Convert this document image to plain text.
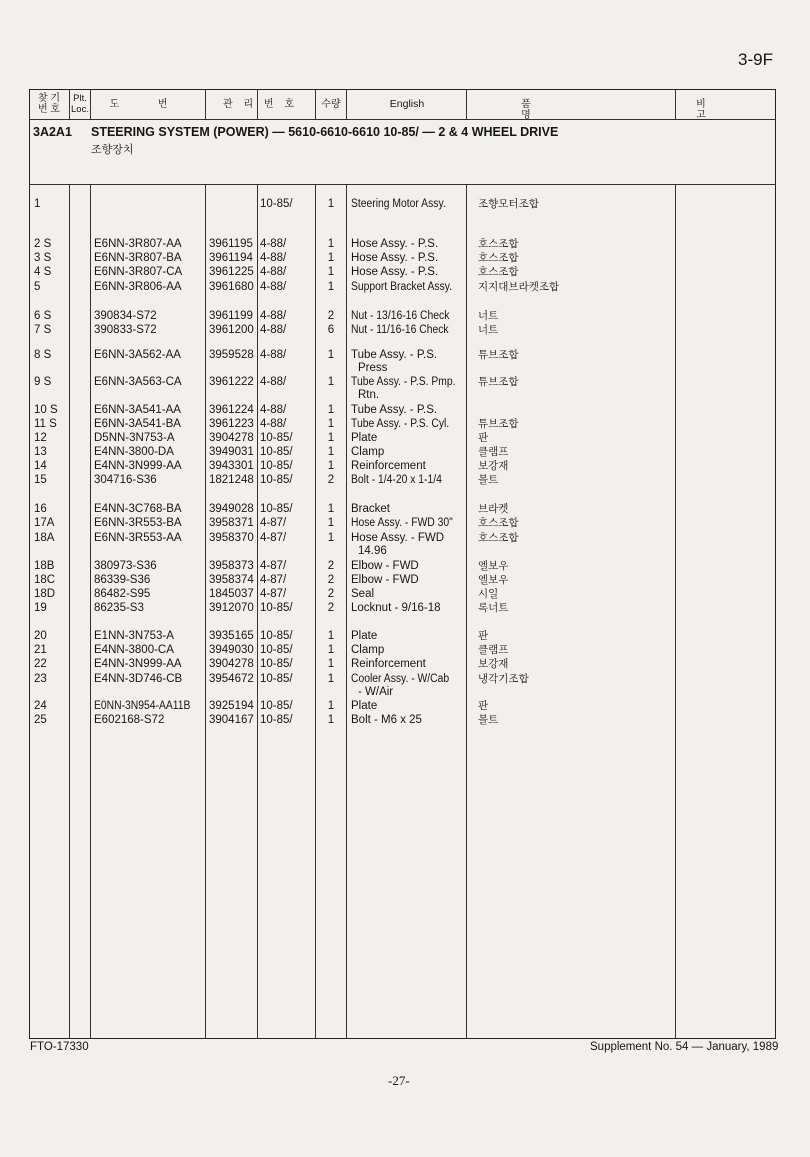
3-9F
찾 기
번 호
Plt.
Loc.	도 번	관 리 번 호	수량	English	품 명
비 고
3A2A1 STEERING SYSTEM (POWER) — 5610-6610-6610 10-85/ — 2 & 4 WHEEL DRIVE
조향장치
1	10-85/	1	Steering Motor Assy.	조향모터조합
2 S	E6NN-3R807-AA 3961195 4-88/	1	Hose Assy. - P.S.	호스조합
3 S	E6NN-3R807-BA 3961194 4-88/	1	Hose Assy. - P.S.	호스조합
4 S	E6NN-3R807-CA 3961225 4-88/	1	Hose Assy. - P.S.	호스조합
5	E6NN-3R806-AA 3961680 4-88/	1	Support Bracket Assy. 지지대브라켓조합
6 S	390834-S72	3961199 4-88/	2	Nut - 13/16-16 Check	너트
7 S	390833-S72	3961200 4-88/	6	Nut - 11/16-16 Check	너트
8 S	E6NN-3A562-AA 3959528 4-88/	1	Tube Assy. - P.S.
Press
튜브조합
9 S	E6NN-3A563-CA 3961222 4-88/	1	Tube Assy. - P.S. Pmp.
Rtn.
튜브조합
10 S	E6NN-3A541-AA 3961224 4-88/	1	Tube Assy. - P.S.
11 S	E6NN-3A541-BA 3961223 4-88/	1	Tube Assy. - P.S. Cyl.	튜브조합
12	D5NN-3N753-A	3904278 10-85/	1	Plate	판
13	E4NN-3800-DA	3949031 10-85/	1	Clamp	클램프
14	E4NN-3N999-AA 3943301 10-85/	1	Reinforcement	보강재
15	304716-S36	1821248 10-85/	2	Bolt - 1/4-20 x 1-1/4	볼트
16	E4NN-3C768-BA 3949028 10-85/	1	Bracket	브라켓
17A	E6NN-3R553-BA 3958371 4-87/	1	Hose Assy. - FWD 30" 호스조합
18A	E6NN-3R553-AA 3958370 4-87/	1	Hose Assy. - FWD
14.96
호스조합
18B	380973-S36	3958373 4-87/	2	Elbow - FWD	엘보우
18C	86339-S36	3958374 4-87/	2	Elbow - FWD	엘보우
18D	86482-S95	1845037 4-87/	2	Seal	시일
19	86235-S3	3912070 10-85/	2	Locknut - 9/16-18	록너트
20	E1NN-3N753-A	3935165 10-85/	1	Plate	판
21	E4NN-3800-CA	3949030 10-85/	1	Clamp	클램프
22	E4NN-3N999-AA 3904278 10-85/	1	Reinforcement	보강재
23	E4NN-3D746-CB 3954672 10-85/	1	Cooler Assy. - W/Cab
- W/Air
냉각기조합
24	E0NN-3N954-AA11B 3925194 10-85/	1	Plate	판
25	E602168-S72	3904167 10-85/	1	Bolt - M6 x 25	볼트
FTO-17330	Supplement No. 54 — January, 1989
-27-
